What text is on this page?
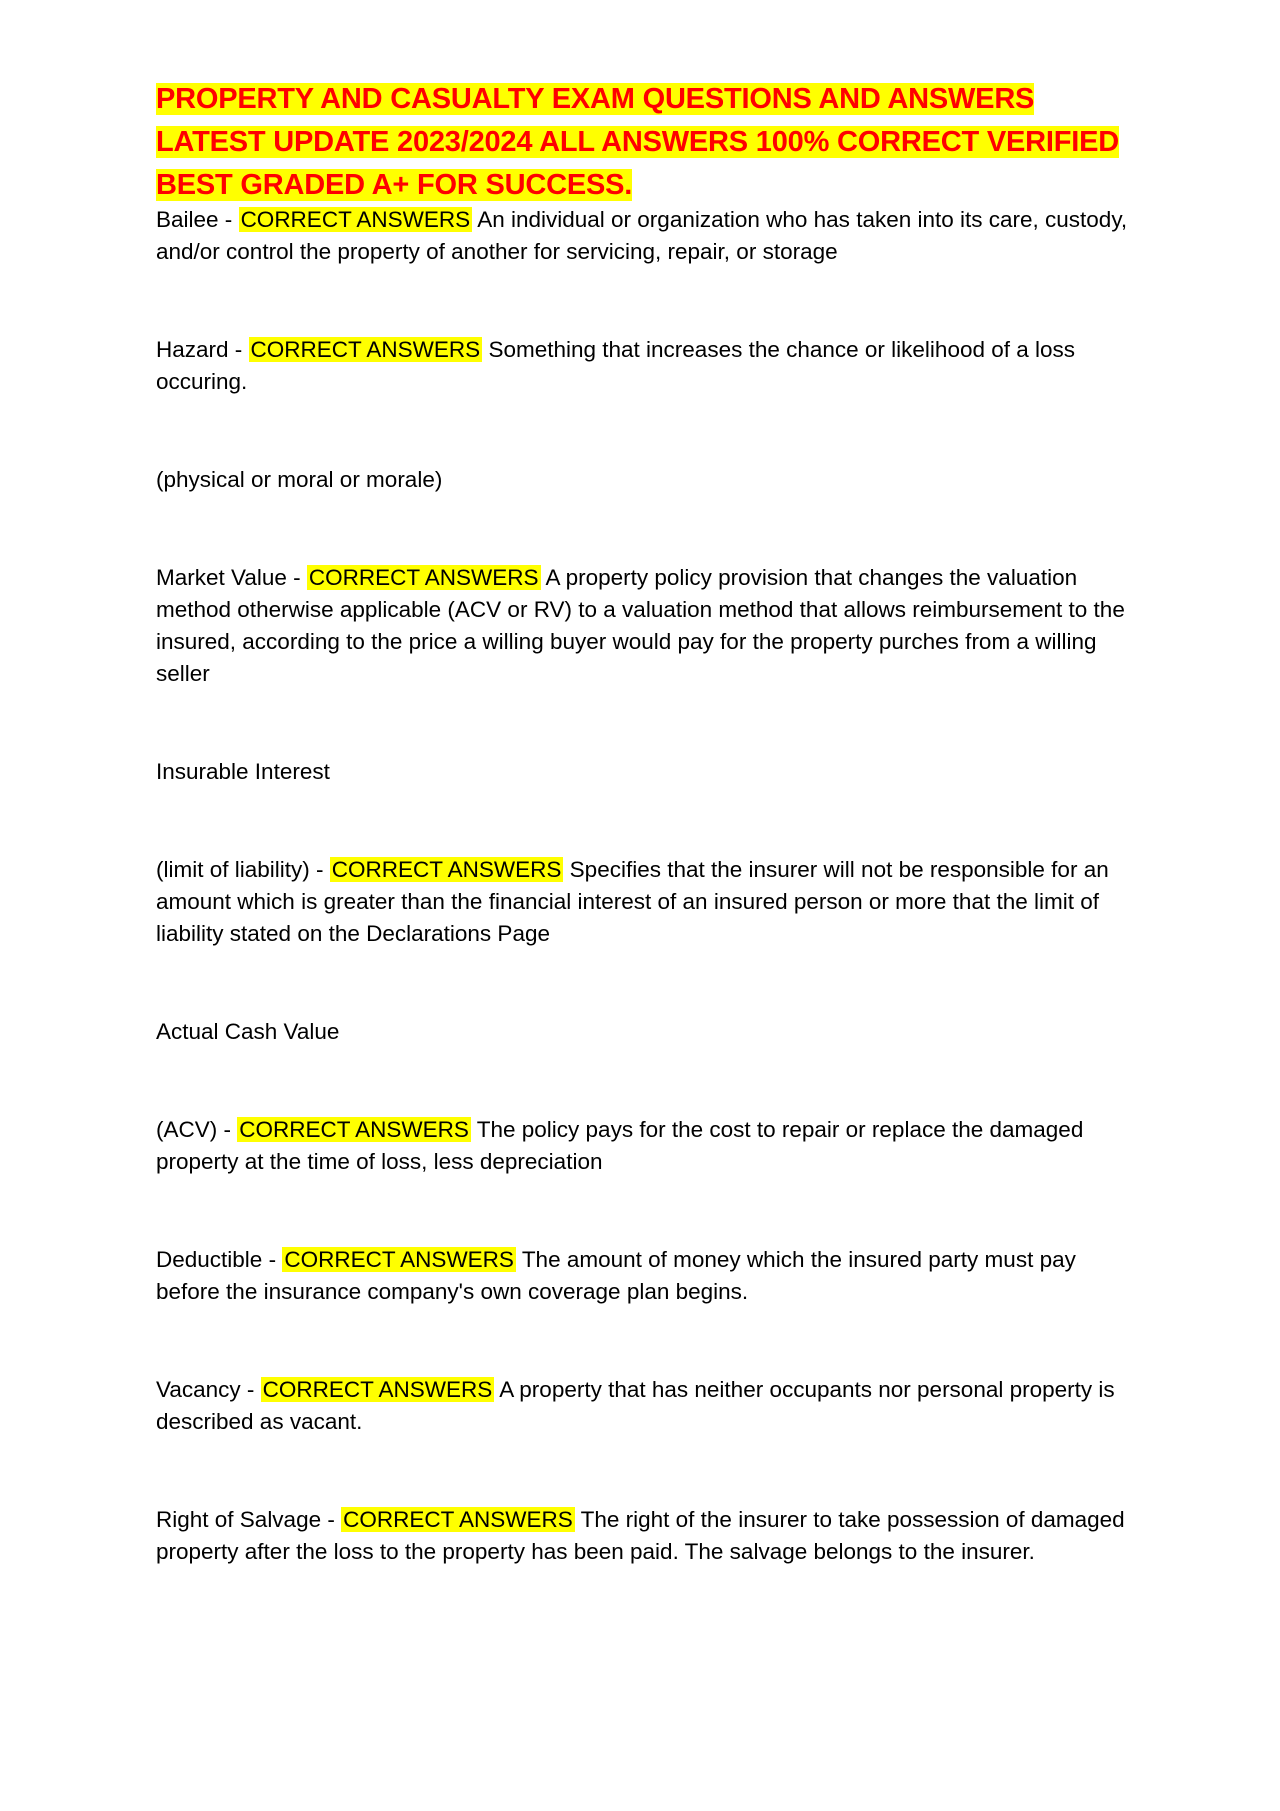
PROPERTY AND CASUALTY EXAM QUESTIONS AND ANSWERS
LATEST UPDATE 2023/2024 ALL ANSWERS 100% CORRECT VERIFIED
BEST GRADED A+ FOR SUCCESS.

Bailee - CORRECT ANSWERS An individual or organization who has taken into its care, custody, and/or control the property of another for servicing, repair, or storage

Hazard - CORRECT ANSWERS Something that increases the chance or likelihood of a loss occuring.

(physical or moral or morale)

Market Value - CORRECT ANSWERS A property policy provision that changes the valuation method otherwise applicable (ACV or RV) to a valuation method that allows reimbursement to the insured, according to the price a willing buyer would pay for the property purches from a willing seller

Insurable Interest

(limit of liability) - CORRECT ANSWERS Specifies that the insurer will not be responsible for an amount which is greater than the financial interest of an insured person or more that the limit of liability stated on the Declarations Page

Actual Cash Value

(ACV) - CORRECT ANSWERS The policy pays for the cost to repair or replace the damaged property at the time of loss, less depreciation

Deductible - CORRECT ANSWERS The amount of money which the insured party must pay before the insurance company's own coverage plan begins.

Vacancy - CORRECT ANSWERS A property that has neither occupants nor personal property is described as vacant.

Right of Salvage - CORRECT ANSWERS The right of the insurer to take possession of damaged property after the loss to the property has been paid. The salvage belongs to the insurer.
